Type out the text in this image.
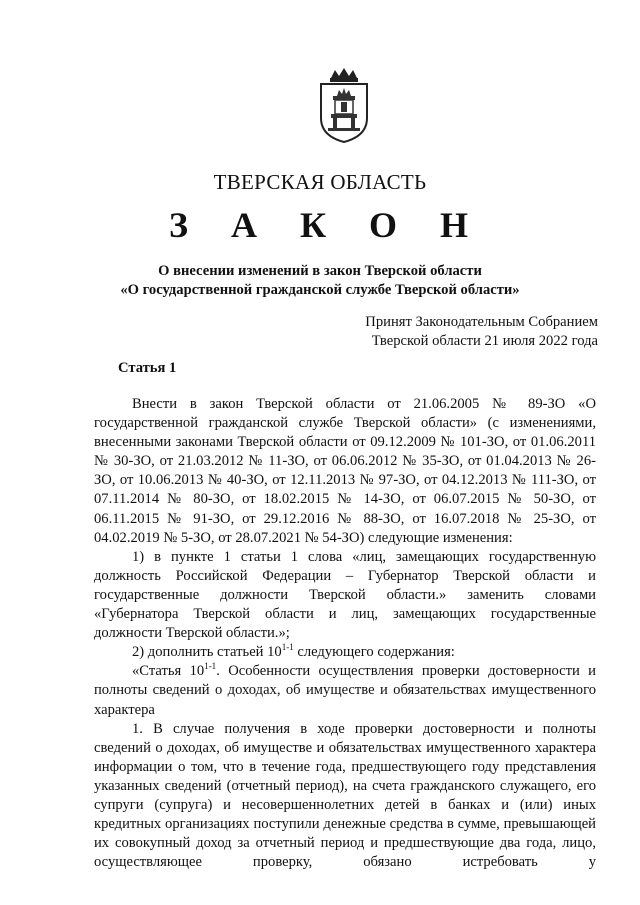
ТВЕРСКАЯ ОБЛАСТЬ
З А К О Н
О внесении изменений в закон Тверской области
«О государственной гражданской службе Тверской области»
Принят Законодательным Собранием
Тверской области 21 июля 2022 года
Статья 1

Внести в закон Тверской области от 21.06.2005 № 89-ЗО «О государственной гражданской службе Тверской области» (с изменениями, внесенными законами Тверской области от 09.12.2009 № 101-ЗО, от 01.06.2011 № 30-ЗО, от 21.03.2012 № 11-ЗО, от 06.06.2012 № 35-ЗО, от 01.04.2013 № 26-ЗО, от 10.06.2013 № 40-ЗО, от 12.11.2013 № 97-ЗО, от 04.12.2013 № 111-ЗО, от 07.11.2014 № 80-ЗО, от 18.02.2015 № 14-ЗО, от 06.07.2015 № 50-ЗО, от 06.11.2015 № 91-ЗО, от 29.12.2016 № 88-ЗО, от 16.07.2018 № 25-ЗО, от 04.02.2019 № 5-ЗО, от 28.07.2021 № 54-ЗО) следующие изменения:

1) в пункте 1 статьи 1 слова «лиц, замещающих государственную должность Российской Федерации – Губернатор Тверской области и государственные должности Тверской области.» заменить словами «Губернатора Тверской области и лиц, замещающих государственные должности Тверской области.»;

2) дополнить статьей 10$^{1-1}$ следующего содержания:

«Статья 10$^{1-1}$. Особенности осуществления проверки достоверности и полноты сведений о доходах, об имуществе и обязательствах имущественного характера

1. В случае получения в ходе проверки достоверности и полноты сведений о доходах, об имуществе и обязательствах имущественного характера информации о том, что в течение года, предшествующего году представления указанных сведений (отчетный период), на счета гражданского служащего, его супруги (супруга) и несовершеннолетних детей в банках и (или) иных кредитных организациях поступили денежные средства в сумме, превышающей их совокупный доход за отчетный период и предшествующие два года, лицо, осуществляющее проверку, обязано истребовать у
